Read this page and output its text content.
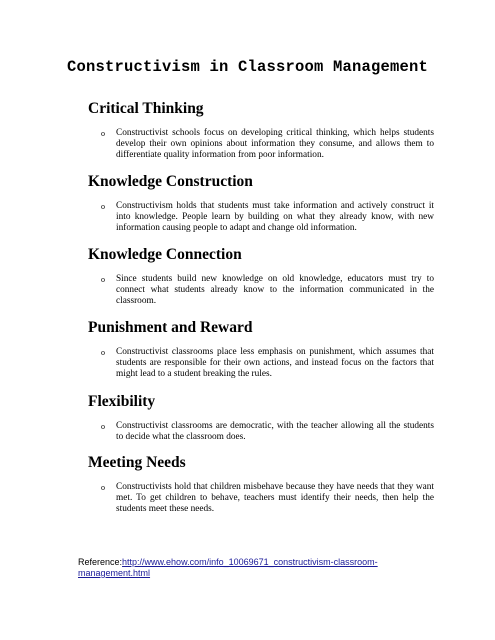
Constructivism in Classroom Management
Critical Thinking
o Constructivist schools focus on developing critical thinking, which helps students develop their own opinions about information they consume, and allows them to differentiate quality information from poor information.

Knowledge Construction
o Constructivism holds that students must take information and actively construct it into knowledge. People learn by building on what they already know, with new information causing people to adapt and change old information.

Knowledge Connection
o Since students build new knowledge on old knowledge, educators must try to connect what students already know to the information communicated in the classroom.

Punishment and Reward
o Constructivist classrooms place less emphasis on punishment, which assumes that students are responsible for their own actions, and instead focus on the factors that might lead to a student breaking the rules.

Flexibility
o Constructivist classrooms are democratic, with the teacher allowing all the students to decide what the classroom does.

Meeting Needs
o Constructivists hold that children misbehave because they have needs that they want met. To get children to behave, teachers must identify their needs, then help the students meet these needs.

Reference:http://www.ehow.com/info_10069671_constructivism-classroom-management.html
